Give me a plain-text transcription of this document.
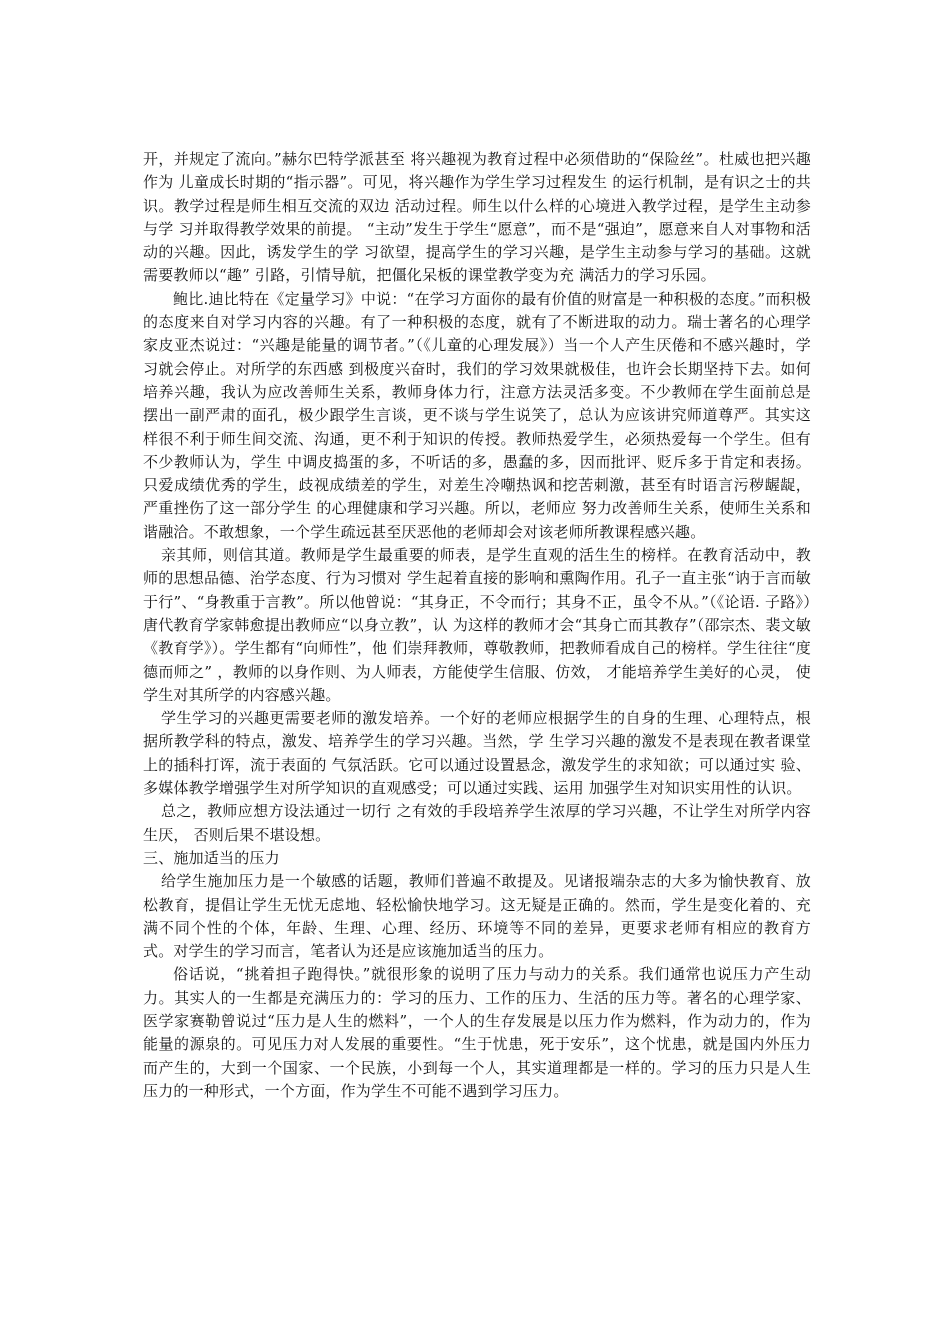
开，并规定了流向。”赫尔巴特学派甚至 将兴趣视为教育过程中必须借助的“保险丝”。杜威也把兴趣作为 儿童成长时期的“指示器”。可见，将兴趣作为学生学习过程发生 的运行机制，是有识之士的共识。教学过程是师生相互交流的双边 活动过程。师生以什么样的心境进入教学过程，是学生主动参与学 习并取得教学效果的前提。 “主动”发生于学生“愿意”，而不是“强迫”，愿意来自人对事物和活动的兴趣。因此，诱发学生的学 习欲望，提高学生的学习兴趣，是学生主动参与学习的基础。这就 需要教师以“趣” 引路，引情导航，把僵化呆板的课堂教学变为充 满活力的学习乐园。

鲍比.迪比特在《定量学习》中说：“在学习方面你的最有价值的财富是一种积极的态度。”而积极的态度来自对学习内容的兴趣。有了一种积极的态度，就有了不断进取的动力。瑞士著名的心理学 家皮亚杰说过：“兴趣是能量的调节者。”（《儿童的心理发展》）当一个人产生厌倦和不感兴趣时，学习就会停止。对所学的东西感 到极度兴奋时，我们的学习效果就极佳，也许会长期坚持下去。如何培养兴趣，我认为应改善师生关系，教师身体力行，注意方法灵活多变。不少教师在学生面前总是摆出一副严肃的面孔，极少跟学生言谈，更不谈与学生说笑了，总认为应该讲究师道尊严。其实这样很不利于师生间交流、沟通，更不利于知识的传授。教师热爱学生，必须热爱每一个学生。但有不少教师认为，学生 中调皮捣蛋的多，不听话的多，愚蠢的多，因而批评、贬斥多于肯定和表扬。只爱成绩优秀的学生，歧视成绩差的学生，对差生冷嘲热讽和挖苦刺激，甚至有时语言污秽龌龊，严重挫伤了这一部分学生 的心理健康和学习兴趣。所以，老师应 努力改善师生关系，使师生关系和谐融洽。不敢想象，一个学生疏远甚至厌恶他的老师却会对该老师所教课程感兴趣。

亲其师，则信其道。教师是学生最重要的师表，是学生直观的活生生的榜样。在教育活动中，教师的思想品德、治学态度、行为习惯对 学生起着直接的影响和熏陶作用。孔子一直主张“讷于言而敏于行”、“身教重于言教”。所以他曾说：“其身正，不令而行；其身不正，虽令不从。”（《论语. 子路》）唐代教育学家韩愈提出教师应“以身立教”，认 为这样的教师才会“其身亡而其教存”（邵宗杰、裴文敏《教育学》）。学生都有“向师性”，他 们崇拜教师，尊敬教师，把教师看成自己的榜样。学生往往“度德而师之” ，教师的以身作则、为人师表，方能使学生信服、仿效， 才能培养学生美好的心灵， 使学生对其所学的内容感兴趣。

学生学习的兴趣更需要老师的激发培养。一个好的老师应根据学生的自身的生理、心理特点，根据所教学科的特点，激发、培养学生的学习兴趣。当然，学 生学习兴趣的激发不是表现在教者课堂上的插科打诨，流于表面的 气氛活跃。它可以通过设置悬念，激发学生的求知欲；可以通过实 验、多媒体教学增强学生对所学知识的直观感受；可以通过实践、运用 加强学生对知识实用性的认识。

总之，教师应想方设法通过一切行 之有效的手段培养学生浓厚的学习兴趣，不让学生对所学内容生厌， 否则后果不堪设想。

三、施加适当的压力

给学生施加压力是一个敏感的话题，教师们普遍不敢提及。见诸报端杂志的大多为愉快教育、放松教育，提倡让学生无忧无虑地、轻松愉快地学习。这无疑是正确的。然而，学生是变化着的、充满不同个性的个体，年龄、生理、心理、经历、环境等不同的差异，更要求老师有相应的教育方式。对学生的学习而言，笔者认为还是应该施加适当的压力。

俗话说，“挑着担子跑得快。”就很形象的说明了压力与动力的关系。我们通常也说压力产生动力。其实人的一生都是充满压力的：学习的压力、工作的压力、生活的压力等。著名的心理学家、医学家赛勒曾说过“压力是人生的燃料”，一个人的生存发展是以压力作为燃料，作为动力的，作为能量的源泉的。可见压力对人发展的重要性。“生于忧患，死于安乐”，这个忧患，就是国内外压力而产生的，大到一个国家、一个民族，小到每一个人，其实道理都是一样的。学习的压力只是人生压力的一种形式，一个方面，作为学生不可能不遇到学习压力。
